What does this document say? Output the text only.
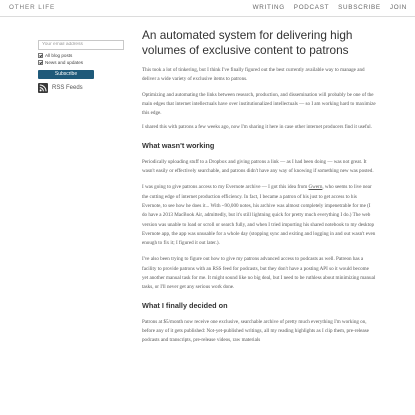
OTHER LIFE	WRITING PODCAST SUBSCRIBE JOIN
Your email address
All blog posts
News and updates
Subscribe
RSS Feeds
An automated system for delivering high volumes of exclusive content to patrons

This took a lot of tinkering, but I think I've finally figured out the best currently available way to manage and deliver a wide variety of exclusive items to patrons.

Optimizing and automating the links between research, production, and dissemination will probably be one of the main edges that internet intellectuals have over institutionalized intellectuals — so I am working hard to maximize this edge.

I shared this with patrons a few weeks ago, now I'm sharing it here in case other internet producers find it useful.

What wasn't working

Periodically uploading stuff to a Dropbox and giving patrons a link — as I had been doing — was not great. It wasn't easily or effectively searchable, and patrons didn't have any way of knowing if something new was posted.

I was going to give patrons access to my Evernote archive — I got this idea from Gwern, who seems to live near the cutting edge of internet production efficiency. In fact, I became a patron of his just to get access to his Evernote, to see how he does it... With ~90,000 notes, his archive was almost completely impenetrable for me (I do have a 2013 MacBook Air, admittedly, but it's still lightning quick for pretty much everything I do.) The web version was unable to load or scroll or search fully, and when I tried importing his shared notebook to my desktop Evernote app, the app was unusable for a whole day (stopping sync and exiting and logging in and out wasn't even enough to fix it; I figured it out later.).

I've also been trying to figure out how to give my patrons advanced access to podcasts as well. Patreon has a facility to provide patrons with an RSS feed for podcasts, but they don't have a posting API so it would become yet another manual task for me. It might sound like no big deal, but I need to be ruthless about minimizing manual tasks, or I'll never get any serious work done.

What I finally decided on

Patrons at $5/month now receive one exclusive, searchable archive of pretty much everything I'm working on, before any of it gets published: Not-yet-published writings, all my reading highlights as I clip them, pre-release podcasts and transcripts, pre-release videos, raw materials
